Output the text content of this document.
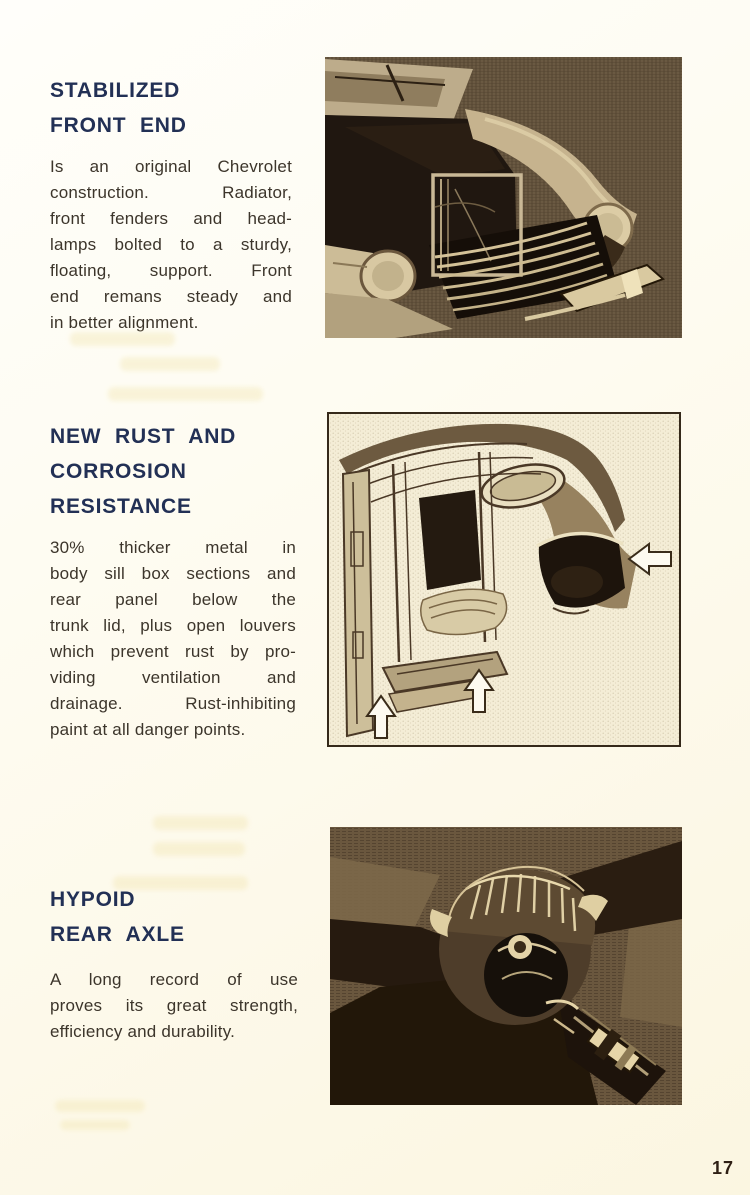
STABILIZED
FRONT END
Is an original Chevrolet
construction. Radiator,
front fenders and head-
lamps bolted to a sturdy,
floating, support. Front
end remans steady and
in better alignment.
NEW RUST AND
CORROSION
RESISTANCE
30% thicker metal in
body sill box sections and
rear panel below the
trunk lid, plus open louvers
which prevent rust by pro-
viding ventilation and
drainage. Rust-inhibiting
paint at all danger points.
HYPOID
REAR AXLE
A long record of use
proves its great strength,
efficiency and durability.
17
